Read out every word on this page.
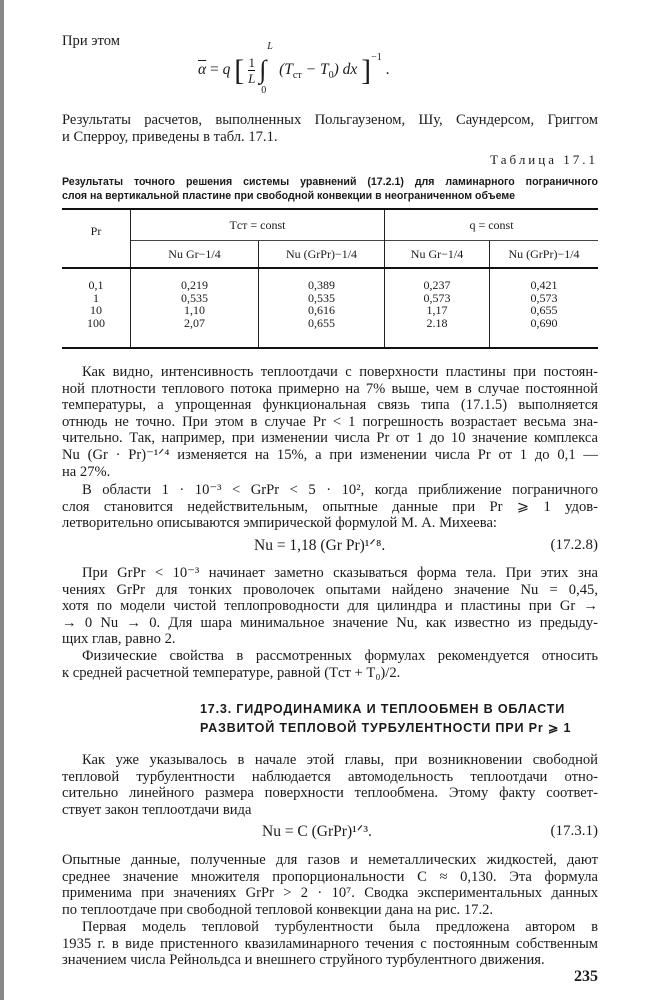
При этом
$\overline{\alpha} = q$ [ $\frac{1}{L}$ ∫
L
0
$(T_{ст} - T_0)$ dx ]$^{-1}$ .
Результаты расчетов, выполненных Польгаузеном, Шу, Саундерсом, Григгом
и Сперроу, приведены в табл. 17.1.
Таблица 17.1
Результаты точного решения системы уравнений (17.2.1) для ламинарного пограничного
слоя на вертикальной пластине при свободной конвекции в неограниченном объеме
Pr	Tст = const		q = const	
	Nu Gr−1/4	Nu (GrPr)−1/4	Nu Gr−1/4	Nu (GrPr)−1/4
0,1	0,219	0,389	0,237	0,421
1	0,535	0,535	0,573	0,573
10	1,10	0,616	1,17	0,655
100	2,07	0,655	2.18	0,690
Как видно, интенсивность теплоотдачи с поверхности пластины при постоян-
ной плотности теплового потока примерно на 7% выше, чем в случае постоянной
температуры, а упрощенная функциональная связь типа (17.1.5) выполняется
отнюдь не точно. При этом в случае Pr < 1 погрешность возрастает весьма зна-
чительно. Так, например, при изменении числа Pr от 1 до 10 значение комплекса
Nu (Gr · Pr)⁻¹ᐟ⁴ изменяется на 15%, а при изменении числа Pr от 1 до 0,1 —
на 27%.
В области 1 · 10⁻³ < GrPr < 5 · 10², когда приближение пограничного
слоя становится недействительным, опытные данные при Pr ⩾ 1 удов-
летворительно описываются эмпирической формулой М. А. Михеева:
Nu = 1,18 (Gr Pr)¹ᐟ⁸.	(17.2.8)
При GrPr < 10⁻³ начинает заметно сказываться форма тела. При этих зна
чениях GrPr для тонких проволочек опытами найдено значение Nu = 0,45,
хотя по модели чистой теплопроводности для цилиндра и пластины при Gr →
→ 0 Nu → 0. Для шара минимальное значение Nu, как известно из предыду-
щих глав, равно 2.
Физические свойства в рассмотренных формулах рекомендуется относить
к средней расчетной температуре, равной (Tст + T₀)/2.
17.3. ГИДРОДИНАМИКА И ТЕПЛООБМЕН В ОБЛАСТИ
РАЗВИТОЙ ТЕПЛОВОЙ ТУРБУЛЕНТНОСТИ ПРИ Pr ⩾ 1
Как уже указывалось в начале этой главы, при возникновении свободной
тепловой турбулентности наблюдается автомодельность теплоотдачи отно-
сительно линейного размера поверхности теплообмена. Этому факту соответ-
ствует закон теплоотдачи вида
Nu = C (GrPr)¹ᐟ³.	(17.3.1)
Опытные данные, полученные для газов и неметаллических жидкостей, дают
среднее значение множителя пропорциональности C ≈ 0,130. Эта формула
применима при значениях GrPr > 2 · 10⁷. Сводка экспериментальных данных
по теплоотдаче при свободной тепловой конвекции дана на рис. 17.2.
Первая модель тепловой турбулентности была предложена автором в
1935 г. в виде пристенного квазиламинарного течения с постоянным собственным
значением числа Рейнольдса и внешнего струйного турбулентного движения.
235
